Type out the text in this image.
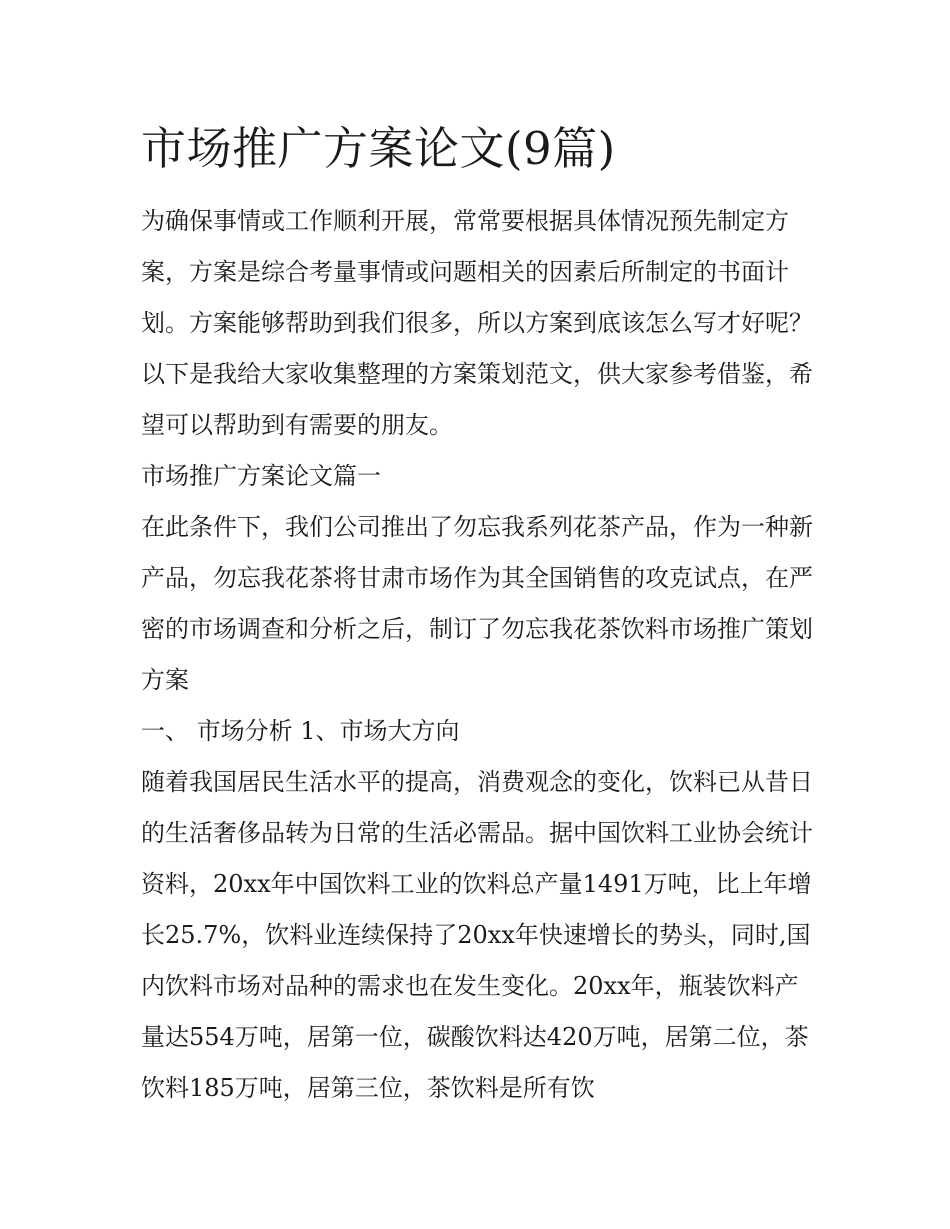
市场推广方案论文(9篇)

为确保事情或工作顺利开展，常常要根据具体情况预先制定方案，方案是综合考量事情或问题相关的因素后所制定的书面计划。方案能够帮助到我们很多，所以方案到底该怎么写才好呢？以下是我给大家收集整理的方案策划范文，供大家参考借鉴，希望可以帮助到有需要的朋友。

市场推广方案论文篇一

在此条件下，我们公司推出了勿忘我系列花茶产品，作为一种新产品，勿忘我花茶将甘肃市场作为其全国销售的攻克试点，在严密的市场调查和分析之后，制订了勿忘我花茶饮料市场推广策划方案

一、 市场分析 1、市场大方向

随着我国居民生活水平的提高，消费观念的变化，饮料已从昔日的生活奢侈品转为日常的生活必需品。据中国饮料工业协会统计资料，20xx年中国饮料工业的饮料总产量1491万吨，比上年增长25.7%，饮料业连续保持了20xx年快速增长的势头，同时,国内饮料市场对品种的需求也在发生变化。20xx年，瓶装饮料产量达554万吨，居第一位，碳酸饮料达420万吨，居第二位，茶饮料185万吨，居第三位，茶饮料是所有饮
